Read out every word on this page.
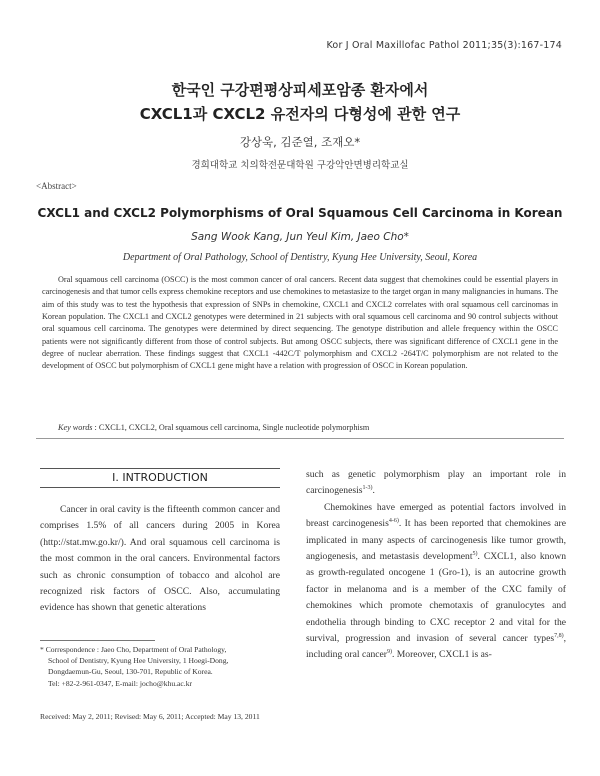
Kor J Oral Maxillofac Pathol 2011;35(3):167-174
한국인 구강편평상피세포암종 환자에서
CXCL1과 CXCL2 유전자의 다형성에 관한 연구
강상욱, 김준열, 조재오*
경희대학교 치의학전문대학원 구강악안면병리학교실
<Abstract>
CXCL1 and CXCL2 Polymorphisms of Oral Squamous Cell Carcinoma in Korean
Sang Wook Kang, Jun Yeul Kim, Jaeo Cho*
Department of Oral Pathology, School of Dentistry, Kyung Hee University, Seoul, Korea
Oral squamous cell carcinoma (OSCC) is the most common cancer of oral cancers. Recent data suggest that chemokines could be essential players in carcinogenesis and that tumor cells express chemokine receptors and use chemokines to metastasize to the target organ in many malignancies in humans. The aim of this study was to test the hypothesis that expression of SNPs in chemokine, CXCL1 and CXCL2 correlates with oral squamous cell carcinomas in Korean population. The CXCL1 and CXCL2 genotypes were determined in 21 subjects with oral squamous cell carcinoma and 90 control subjects without oral squamous cell carcinoma. The genotypes were determined by direct sequencing. The genotype distribution and allele frequency within the OSCC patients were not significantly different from those of control subjects. But among OSCC subjects, there was significant difference of CXCL1 gene in the degree of nuclear aberration. These findings suggest that CXCL1 -442C/T polymorphism and CXCL2 -264T/C polymorphism are not related to the development of OSCC but polymorphism of CXCL1 gene might have a relation with progression of OSCC in Korean population.
Key words : CXCL1, CXCL2, Oral squamous cell carcinoma, Single nucleotide polymorphism
Ⅰ. INTRODUCTION
Cancer in oral cavity is the fifteenth common cancer and comprises 1.5% of all cancers during 2005 in Korea (http://stat.mw.go.kr/). And oral squamous cell carcinoma is the most common in the oral cancers. Environmental factors such as chronic consumption of tobacco and alcohol are recognized risk factors of OSCC. Also, accumulating evidence has shown that genetic alterations

such as genetic polymorphism play an important role in carcinogenesis$^{1-3)}$.

Chemokines have emerged as potential factors involved in breast carcinogenesis$^{4-6)}$. It has been reported that chemokines are implicated in many aspects of carcinogenesis like tumor growth, angiogenesis, and metastasis development$^{5)}$. CXCL1, also known as growth-regulated oncogene 1 (Gro-1), is an autocrine growth factor in melanoma and is a member of the CXC family of chemokines which promote chemotaxis of granulocytes and endothelia through binding to CXC receptor 2 and vital for the survival, progression and invasion of several cancer types$^{7,8)}$, including oral cancer$^{9)}$. Moreover, CXCL1 is as-

* Correspondence : Jaeo Cho, Department of Oral Pathology,
School of Dentistry, Kyung Hee University, 1 Hoegi-Dong,
Dongdaemun-Gu, Seoul, 130-701, Republic of Korea.
Tel: +82-2-961-0347, E-mail: jocho@khu.ac.kr
Received: May 2, 2011; Revised: May 6, 2011; Accepted: May 13, 2011
